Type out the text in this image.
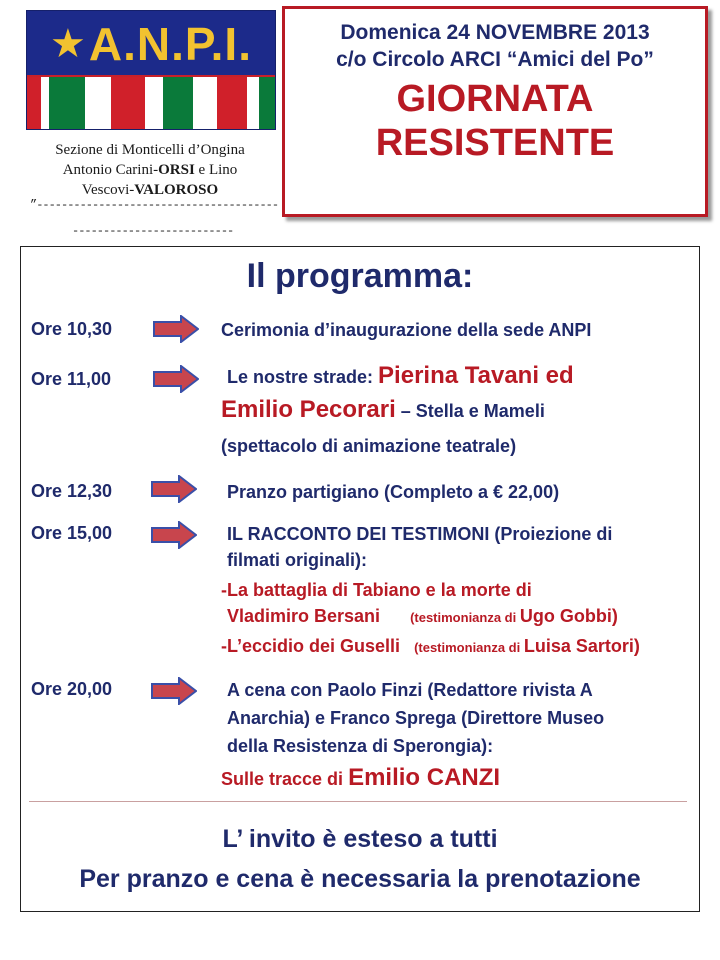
★ A.N.P.I.
Sezione di Monticelli d’Ongina
Antonio Carini-ORSI e Lino
Vescovi-VALOROSO
”---------------------------------------
--------------------------
Domenica 24 NOVEMBRE 2013
c/o Circolo ARCI “Amici del Po”
GIORNATA
RESISTENTE
Il programma:
Ore 10,30	Cerimonia d’inaugurazione della sede ANPI
Ore 11,00	Le nostre strade: Pierina Tavani ed
Emilio Pecorari – Stella e Mameli
(spettacolo di animazione teatrale)
Ore 12,30	Pranzo partigiano (Completo a € 22,00)
Ore 15,00	IL RACCONTO DEI TESTIMONI (Proiezione di
filmati originali):
-La battaglia di Tabiano e la morte di
Vladimiro Bersani (testimonianza di Ugo Gobbi)
-L’eccidio dei Guselli (testimonianza di Luisa Sartori)
Ore 20,00	A cena con Paolo Finzi (Redattore rivista A
Anarchia) e Franco Sprega (Direttore Museo
della Resistenza di Sperongia):
Sulle tracce di Emilio CANZI
L’ invito è esteso a tutti
Per pranzo e cena è necessaria la prenotazione
